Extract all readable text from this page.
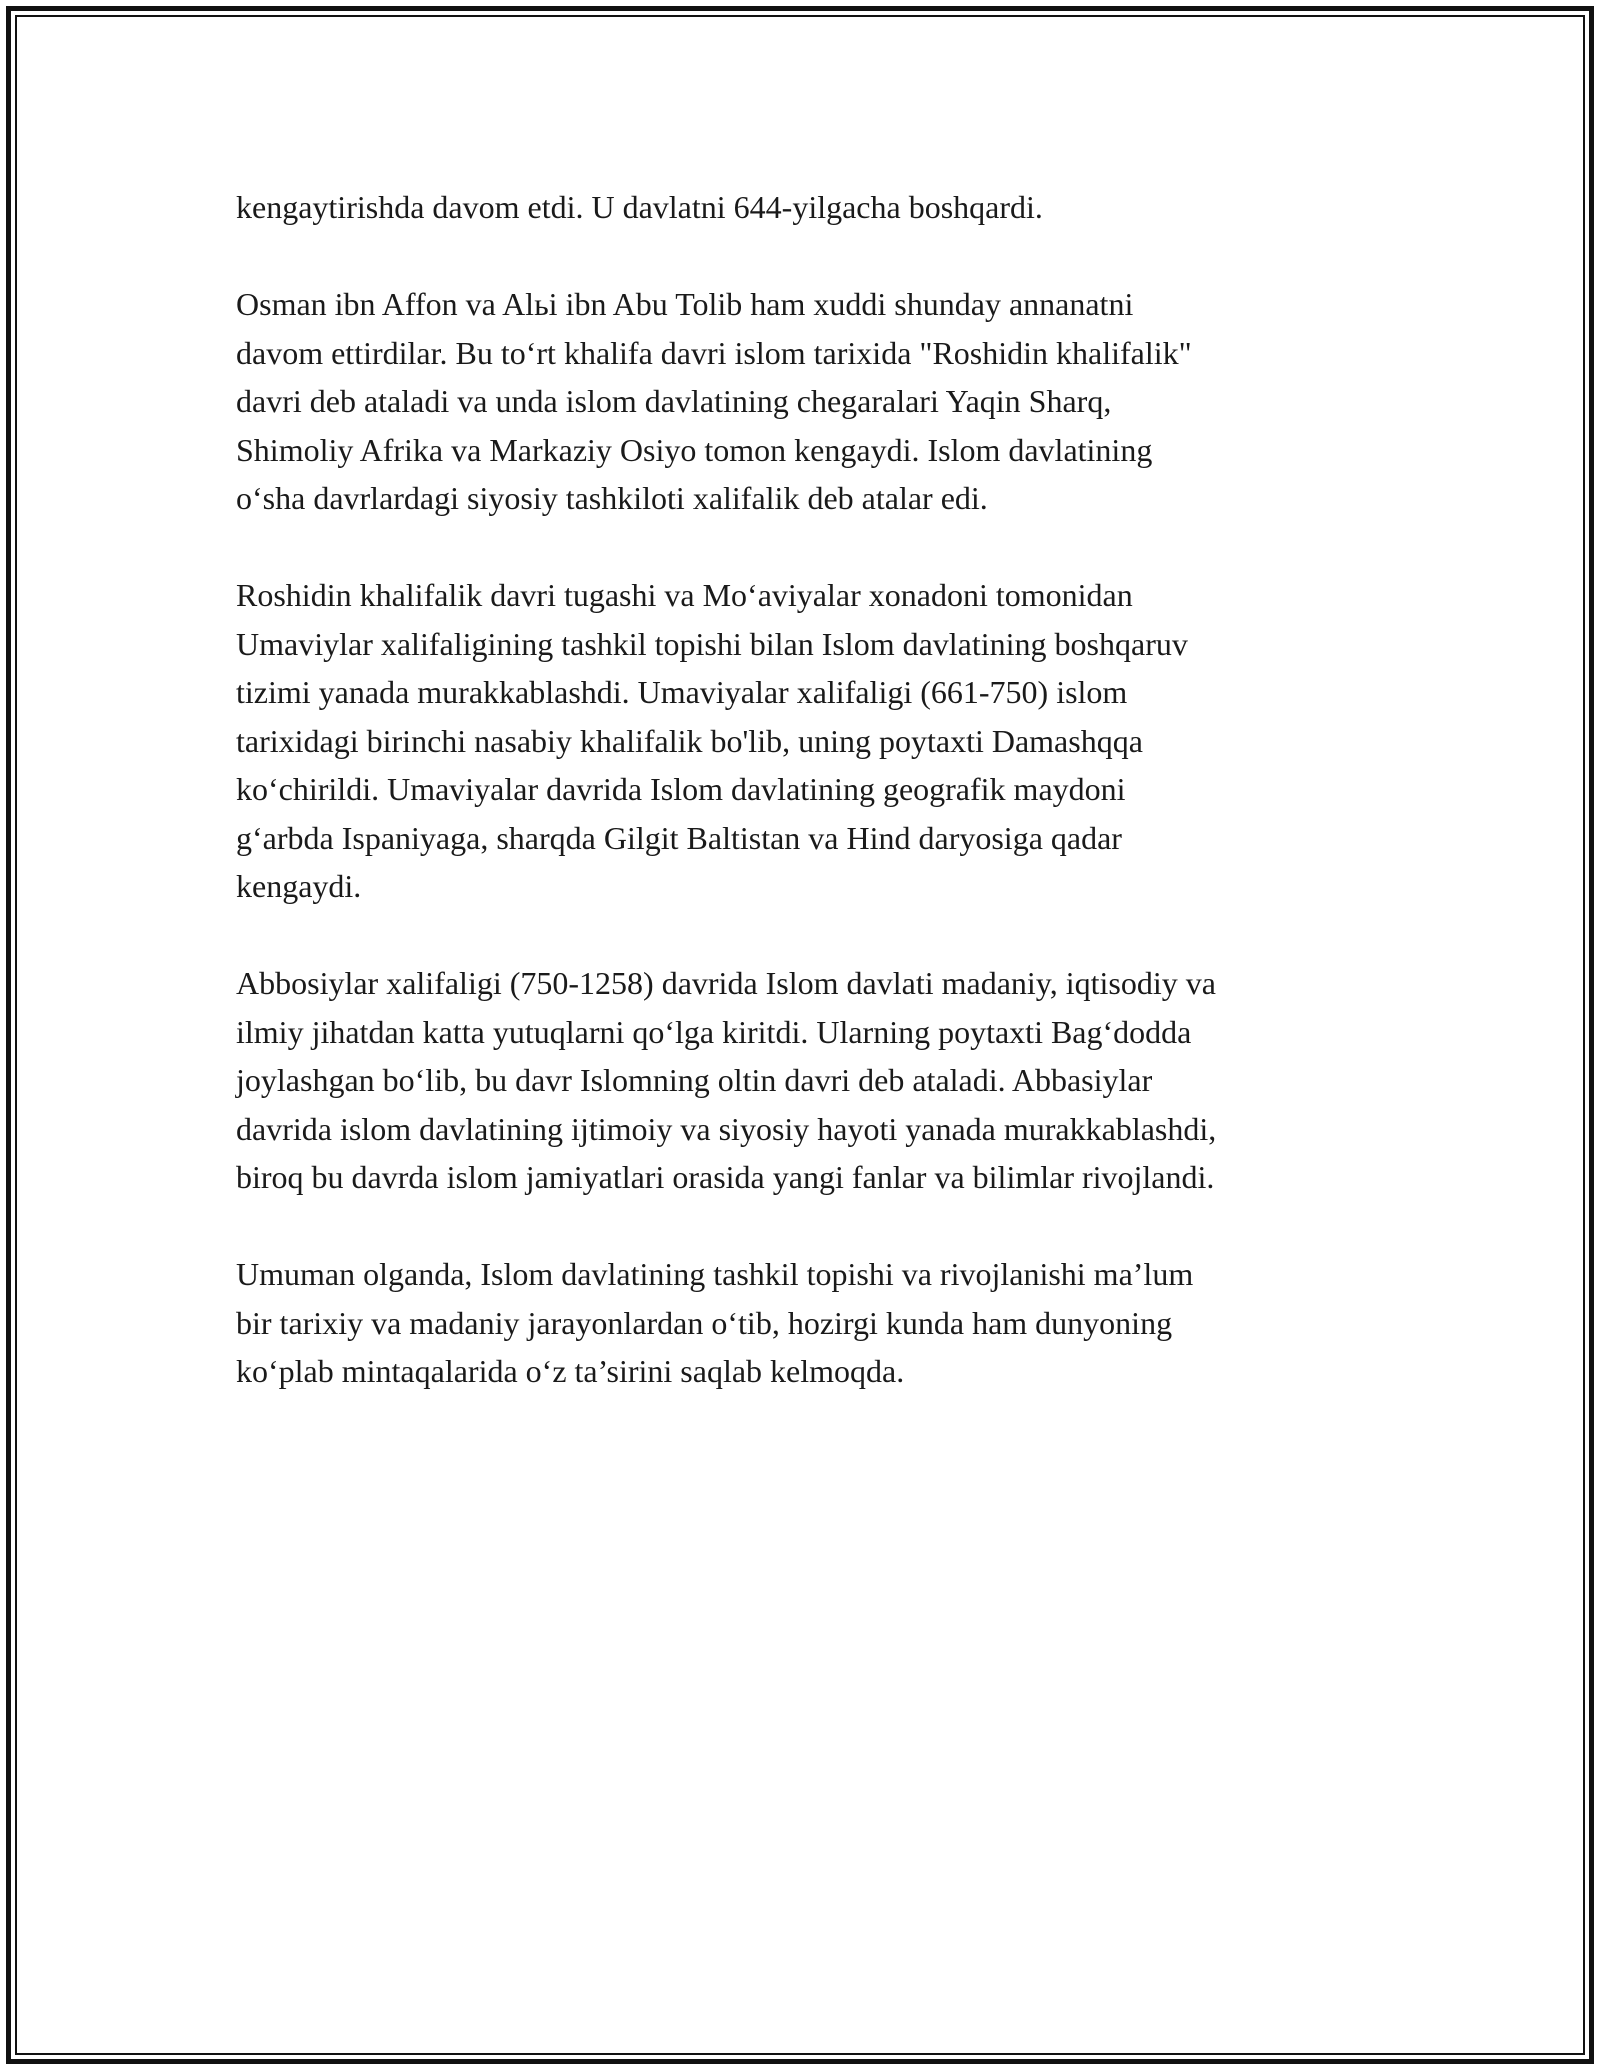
kengaytirishda davom etdi. U davlatni 644-yilgacha boshqardi.

Osman ibn Affon va Alьi ibn Abu Tolib ham xuddi shunday annanatni
davom ettirdilar. Bu to‘rt khalifa davri islom tarixida "Roshidin khalifalik"
davri deb ataladi va unda islom davlatining chegaralari Yaqin Sharq,
Shimoliy Afrika va Markaziy Osiyo tomon kengaydi. Islom davlatining
o‘sha davrlardagi siyosiy tashkiloti xalifalik deb atalar edi.

Roshidin khalifalik davri tugashi va Mo‘aviyalar xonadoni tomonidan
Umaviylar xalifaligining tashkil topishi bilan Islom davlatining boshqaruv
tizimi yanada murakkablashdi. Umaviyalar xalifaligi (661-750) islom
tarixidagi birinchi nasabiy khalifalik bo'lib, uning poytaxti Damashqqa
ko‘chirildi. Umaviyalar davrida Islom davlatining geografik maydoni
g‘arbda Ispaniyaga, sharqda Gilgit Baltistan va Hind daryosiga qadar
kengaydi.

Abbosiylar xalifaligi (750-1258) davrida Islom davlati madaniy, iqtisodiy va
ilmiy jihatdan katta yutuqlarni qo‘lga kiritdi. Ularning poytaxti Bag‘dodda
joylashgan bo‘lib, bu davr Islomning oltin davri deb ataladi. Abbasiylar
davrida islom davlatining ijtimoiy va siyosiy hayoti yanada murakkablashdi,
biroq bu davrda islom jamiyatlari orasida yangi fanlar va bilimlar rivojlandi.

Umuman olganda, Islom davlatining tashkil topishi va rivojlanishi ma’lum
bir tarixiy va madaniy jarayonlardan o‘tib, hozirgi kunda ham dunyoning
ko‘plab mintaqalarida o‘z ta’sirini saqlab kelmoqda.
